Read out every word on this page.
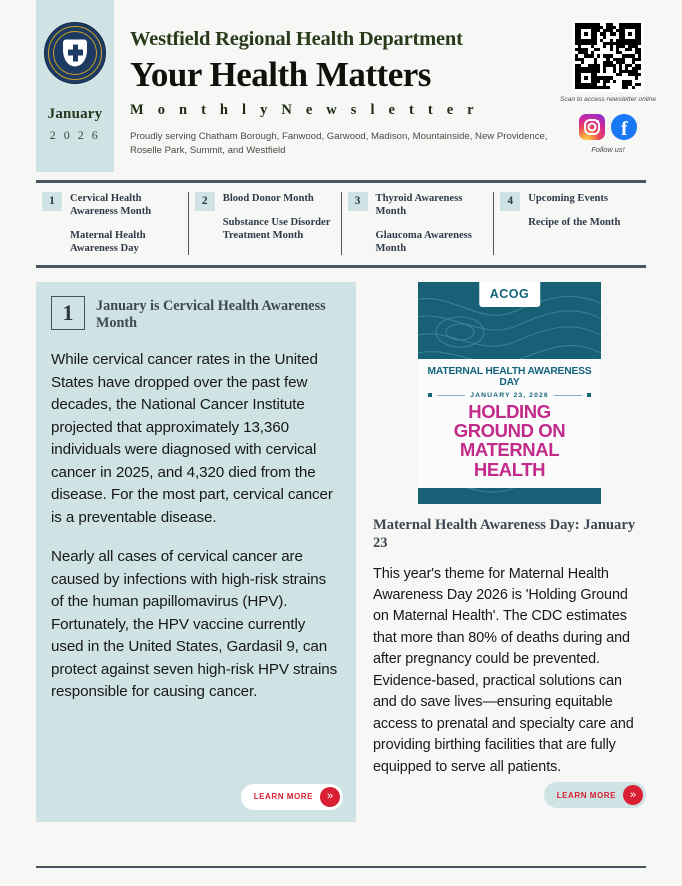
January
2 0 2 6
Westfield Regional Health Department
Your Health Matters
M o n t h l y N e w s l e t t e r
Proudly serving Chatham Borough, Fanwood, Garwood, Madison, Mountainside, New Providence, Roselle Park, Summit, and Westfield
Scan to access newsletter online
f
Follow us!
1	Cervical Health Awareness Month
Maternal Health Awareness Day
2	Blood Donor Month
Substance Use Disorder Treatment Month
3	Thyroid Awareness Month
Glaucoma Awareness Month
4	Upcoming Events
Recipe of the Month
1	January is Cervical Health Awareness Month

While cervical cancer rates in the United States have dropped over the past few decades, the National Cancer Institute projected that approximately 13,360 individuals were diagnosed with cervical cancer in 2025, and 4,320 died from the disease. For the most part, cervical cancer is a preventable disease.

Nearly all cases of cervical cancer are caused by infections with high-risk strains of the human papillomavirus (HPV). Fortunately, the HPV vaccine currently used in the United States, Gardasil 9, can protect against seven high-risk HPV strains responsible for causing cancer.

LEARN MORE	»
ACOG
MATERNAL HEALTH AWARENESS DAY
JANUARY 23, 2026
HOLDING GROUND ON MATERNAL HEALTH
Maternal Health Awareness Day: January 23
This year's theme for Maternal Health Awareness Day 2026 is 'Holding Ground on Maternal Health'. The CDC estimates that more than 80% of deaths during and after pregnancy could be prevented. Evidence-based, practical solutions can and do save lives—ensuring equitable access to prenatal and specialty care and providing birthing facilities that are fully equipped to serve all patients.
LEARN MORE	»
